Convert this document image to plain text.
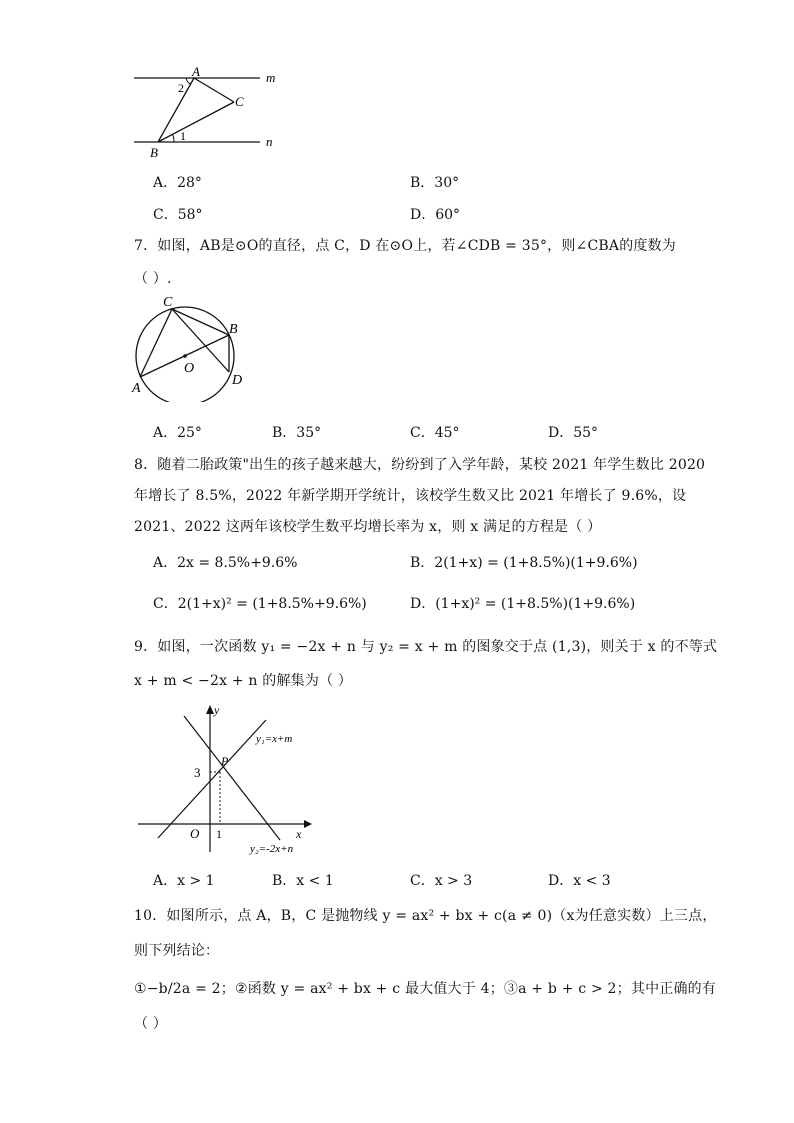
A
C
B
m
n
1
2
A．28°	B．30°
C．58°	D．60°
7．如图，AB是⊙O的直径，点 C，D 在⊙O上，若∠CDB = 35°，则∠CBA的度数为
（ ）.
C
B
O
A
D
A．25°	B．35°	C．45°	D．55°
8．随着二胎政策"出生的孩子越来越大，纷纷到了入学年龄，某校 2021 年学生数比 2020
年增长了 8.5%，2022 年新学期开学统计，该校学生数又比 2021 年增长了 9.6%，设
2021、2022 这两年该校学生数平均增长率为 x，则 x 满足的方程是（ ）
A．2x = 8.5%+9.6%	B．2(1+x) = (1+8.5%)(1+9.6%)
C．2(1+x)² = (1+8.5%+9.6%)	D．(1+x)² = (1+8.5%)(1+9.6%)
9．如图，一次函数 y₁ = −2x + n 与 y₂ = x + m 的图象交于点 (1,3)，则关于 x 的不等式
x + m < −2x + n 的解集为（ ）
y
x
O 1
3
P
y₁=x+m
y₂=-2x+n
A．x > 1	B．x < 1	C．x > 3	D．x < 3
10．如图所示，点 A，B，C 是抛物线 y = ax² + bx + c(a ≠ 0)（x为任意实数）上三点，
则下列结论：
①−b/2a = 2；②函数 y = ax² + bx + c 最大值大于 4；③a + b + c > 2；其中正确的有
（ ）
